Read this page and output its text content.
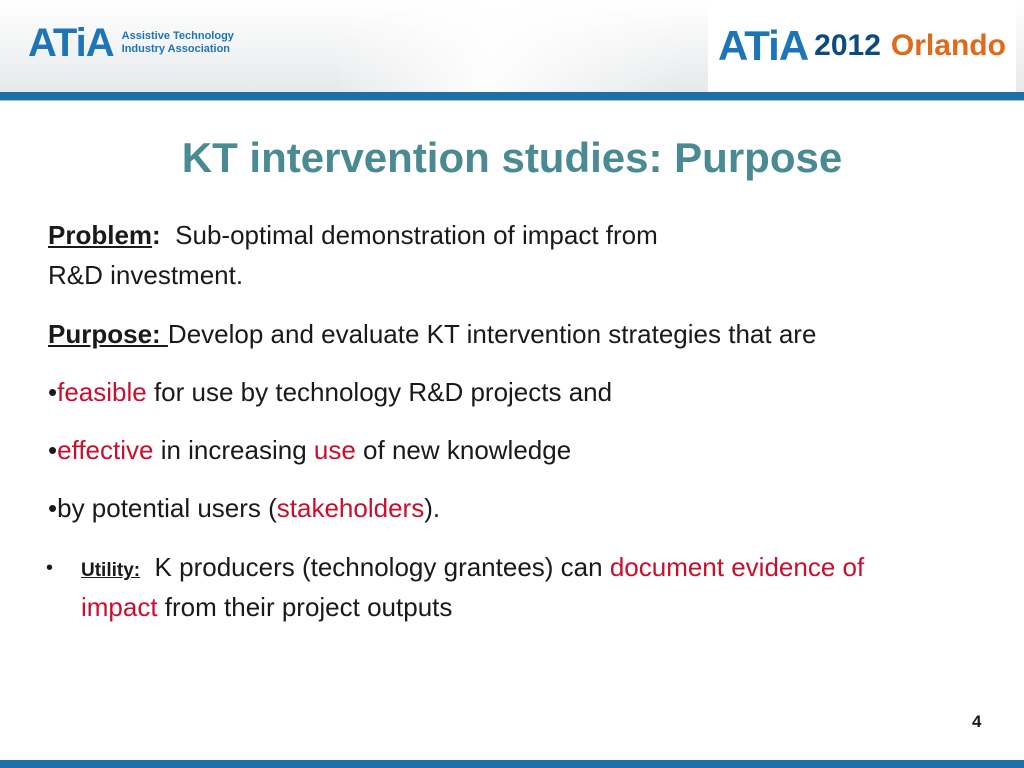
ATiA Assistive Technology
Industry Association	ATiA 2012 Orlando
KT intervention studies: Purpose
Problem:  Sub-optimal demonstration of impact from
R&D investment.
Purpose: Develop and evaluate KT intervention strategies that are
•feasible for use by technology R&D projects and
•effective in increasing use of new knowledge
•by potential users (stakeholders).
• Utility:  K producers (technology grantees) can document evidence of
impact from their project outputs
4
